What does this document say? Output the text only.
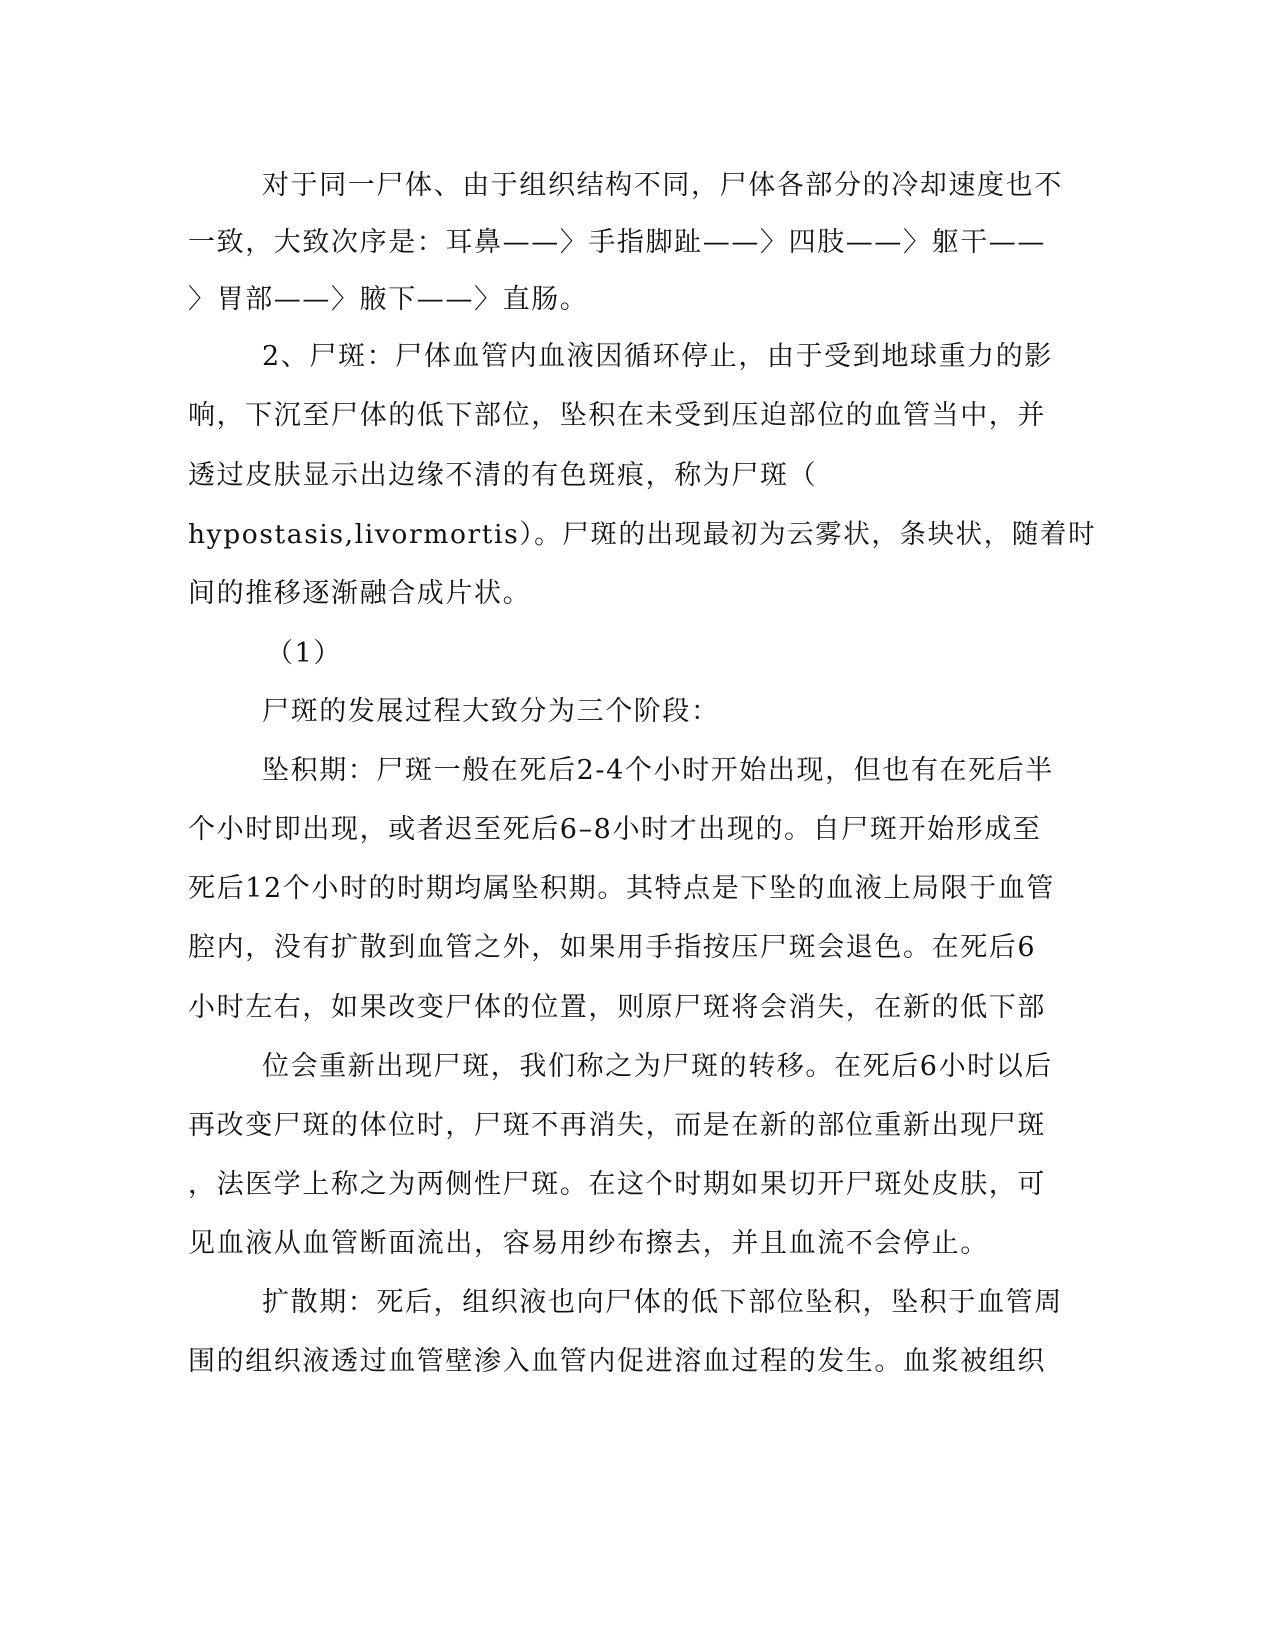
对于同一尸体、由于组织结构不同，尸体各部分的冷却速度也不
一致，大致次序是：耳鼻——〉手指脚趾——〉四肢——〉躯干——
〉胃部——〉腋下——〉直肠。
2、尸斑：尸体血管内血液因循环停止，由于受到地球重力的影
响，下沉至尸体的低下部位，坠积在未受到压迫部位的血管当中，并
透过皮肤显示出边缘不清的有色斑痕，称为尸斑（
hypostasis,livormortis）。尸斑的出现最初为云雾状，条块状，随着时
间的推移逐渐融合成片状。
（1）
尸斑的发展过程大致分为三个阶段：
坠积期：尸斑一般在死后2-4个小时开始出现，但也有在死后半
个小时即出现，或者迟至死后6–8小时才出现的。自尸斑开始形成至
死后12个小时的时期均属坠积期。其特点是下坠的血液上局限于血管
腔内，没有扩散到血管之外，如果用手指按压尸斑会退色。在死后6
小时左右，如果改变尸体的位置，则原尸斑将会消失，在新的低下部
位会重新出现尸斑，我们称之为尸斑的转移。在死后6小时以后
再改变尸斑的体位时，尸斑不再消失，而是在新的部位重新出现尸斑
，法医学上称之为两侧性尸斑。在这个时期如果切开尸斑处皮肤，可
见血液从血管断面流出，容易用纱布擦去，并且血流不会停止。
扩散期：死后，组织液也向尸体的低下部位坠积，坠积于血管周
围的组织液透过血管壁渗入血管内促进溶血过程的发生。血浆被组织
